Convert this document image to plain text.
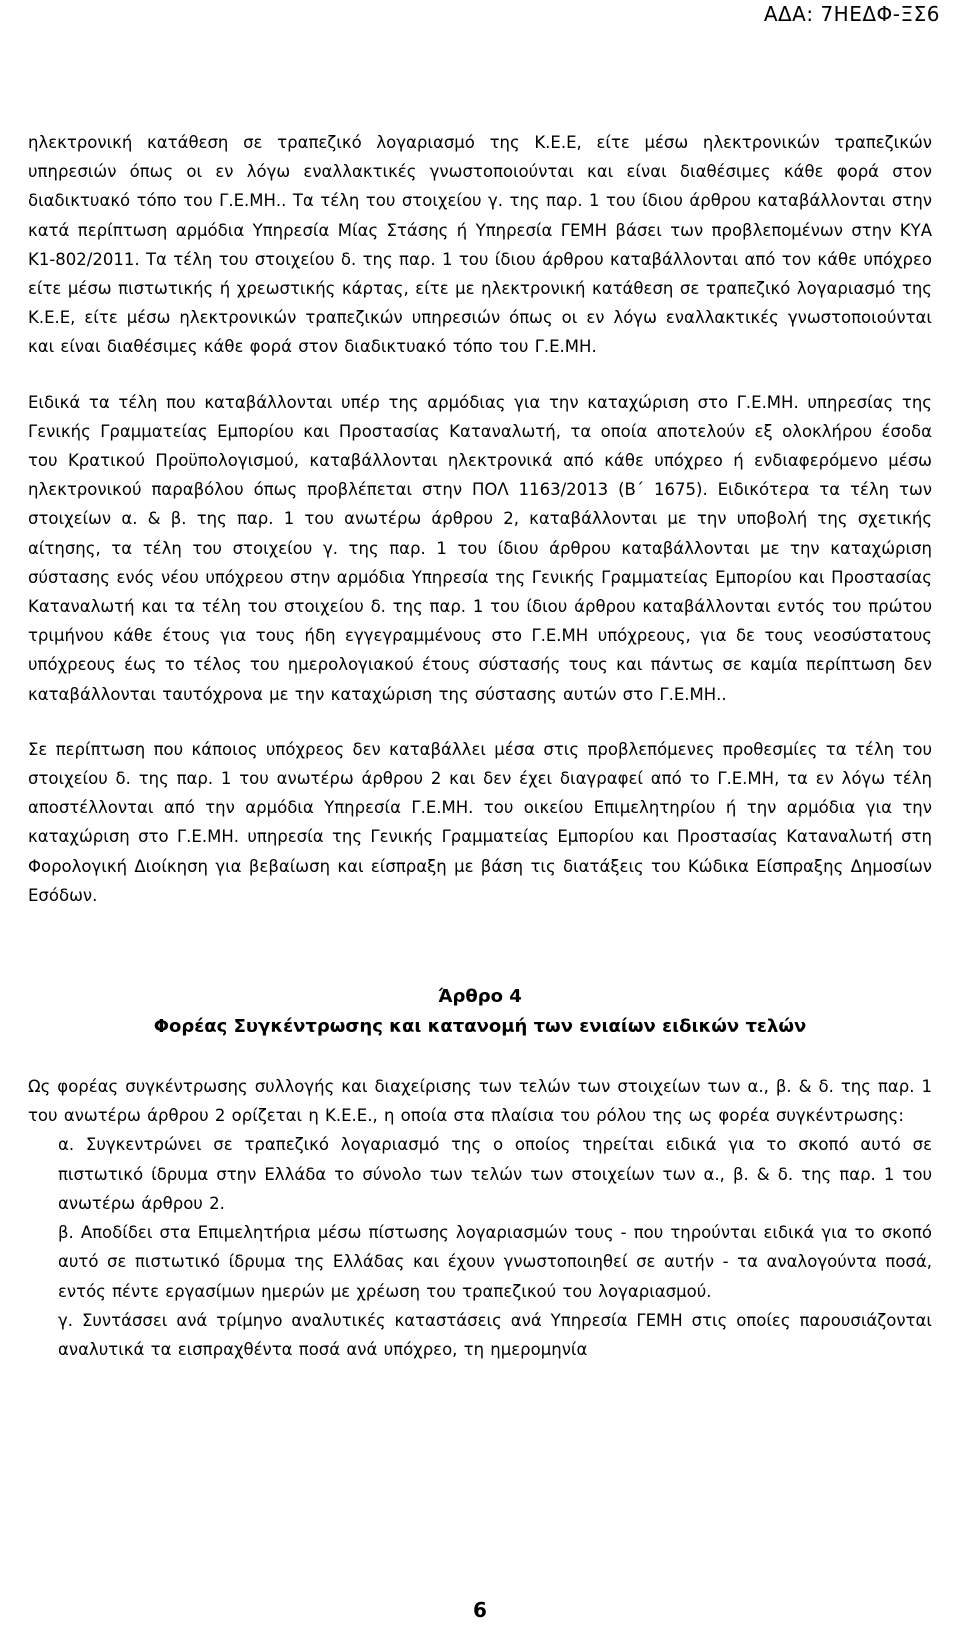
ΑΔΑ: 7ΗΕΔΦ-ΞΣ6

ηλεκτρονική κατάθεση σε τραπεζικό λογαριασμό της Κ.Ε.Ε, είτε μέσω ηλεκτρονικών τραπεζικών υπηρεσιών όπως οι εν λόγω εναλλακτικές γνωστοποιούνται και είναι διαθέσιμες κάθε φορά στον διαδικτυακό τόπο του Γ.Ε.ΜΗ.. Τα τέλη του στοιχείου γ. της παρ. 1 του ίδιου άρθρου καταβάλλονται στην κατά περίπτωση αρμόδια Υπηρεσία Μίας Στάσης ή Υπηρεσία ΓΕΜΗ βάσει των προβλεπομένων στην ΚΥΑ Κ1-802/2011. Τα τέλη του στοιχείου δ. της παρ. 1 του ίδιου άρθρου καταβάλλονται από τον κάθε υπόχρεο είτε μέσω πιστωτικής ή χρεωστικής κάρτας, είτε με ηλεκτρονική κατάθεση σε τραπεζικό λογαριασμό της Κ.Ε.Ε, είτε μέσω ηλεκτρονικών τραπεζικών υπηρεσιών όπως οι εν λόγω εναλλακτικές γνωστοποιούνται και είναι διαθέσιμες κάθε φορά στον διαδικτυακό τόπο του Γ.Ε.ΜΗ.

Ειδικά τα τέλη που καταβάλλονται υπέρ της αρμόδιας για την καταχώριση στο Γ.Ε.ΜΗ. υπηρεσίας της Γενικής Γραμματείας Εμπορίου και Προστασίας Καταναλωτή, τα οποία αποτελούν εξ ολοκλήρου έσοδα του Κρατικού Προϋπολογισμού, καταβάλλονται ηλεκτρονικά από κάθε υπόχρεο ή ενδιαφερόμενο μέσω ηλεκτρονικού παραβόλου όπως προβλέπεται στην ΠΟΛ 1163/2013 (Β΄ 1675). Ειδικότερα τα τέλη των στοιχείων α. & β. της παρ. 1 του ανωτέρω άρθρου 2, καταβάλλονται με την υποβολή της σχετικής αίτησης, τα τέλη του στοιχείου γ. της παρ. 1 του ίδιου άρθρου καταβάλλονται με την καταχώριση σύστασης ενός νέου υπόχρεου στην αρμόδια Υπηρεσία της Γενικής Γραμματείας Εμπορίου και Προστασίας Καταναλωτή και τα τέλη του στοιχείου δ. της παρ. 1 του ίδιου άρθρου καταβάλλονται εντός του πρώτου τριμήνου κάθε έτους για τους ήδη εγγεγραμμένους στο Γ.Ε.ΜΗ υπόχρεους, για δε τους νεοσύστατους υπόχρεους έως το τέλος του ημερολογιακού έτους σύστασής τους και πάντως σε καμία περίπτωση δεν καταβάλλονται ταυτόχρονα με την καταχώριση της σύστασης αυτών στο Γ.Ε.ΜΗ..

Σε περίπτωση που κάποιος υπόχρεος δεν καταβάλλει μέσα στις προβλεπόμενες προθεσμίες τα τέλη του στοιχείου δ. της παρ. 1 του ανωτέρω άρθρου 2 και δεν έχει διαγραφεί από το Γ.Ε.ΜΗ, τα εν λόγω τέλη αποστέλλονται από την αρμόδια Υπηρεσία Γ.Ε.ΜΗ. του οικείου Επιμελητηρίου ή την αρμόδια για την καταχώριση στο Γ.Ε.ΜΗ. υπηρεσία της Γενικής Γραμματείας Εμπορίου και Προστασίας Καταναλωτή στη Φορολογική Διοίκηση για βεβαίωση και είσπραξη με βάση τις διατάξεις του Κώδικα Είσπραξης Δημοσίων Εσόδων.

Άρθρο 4
Φορέας Συγκέντρωσης και κατανομή των ενιαίων ειδικών τελών

Ως φορέας συγκέντρωσης συλλογής και διαχείρισης των τελών των στοιχείων των α., β. & δ. της παρ. 1 του ανωτέρω άρθρου 2 ορίζεται η Κ.Ε.Ε., η οποία στα πλαίσια του ρόλου της ως φορέα συγκέντρωσης:

α. Συγκεντρώνει σε τραπεζικό λογαριασμό της ο οποίος τηρείται ειδικά για το σκοπό αυτό σε πιστωτικό ίδρυμα στην Ελλάδα το σύνολο των τελών των στοιχείων των α., β. & δ. της παρ. 1 του ανωτέρω άρθρου 2.
β. Αποδίδει στα Επιμελητήρια μέσω πίστωσης λογαριασμών τους - που τηρούνται ειδικά για το σκοπό αυτό σε πιστωτικό ίδρυμα της Ελλάδας και έχουν γνωστοποιηθεί σε αυτήν - τα αναλογούντα ποσά, εντός πέντε εργασίμων ημερών με χρέωση του τραπεζικού του λογαριασμού.
γ. Συντάσσει ανά τρίμηνο αναλυτικές καταστάσεις ανά Υπηρεσία ΓΕΜΗ στις οποίες παρουσιάζονται αναλυτικά τα εισπραχθέντα ποσά ανά υπόχρεο, τη ημερομηνία
6
